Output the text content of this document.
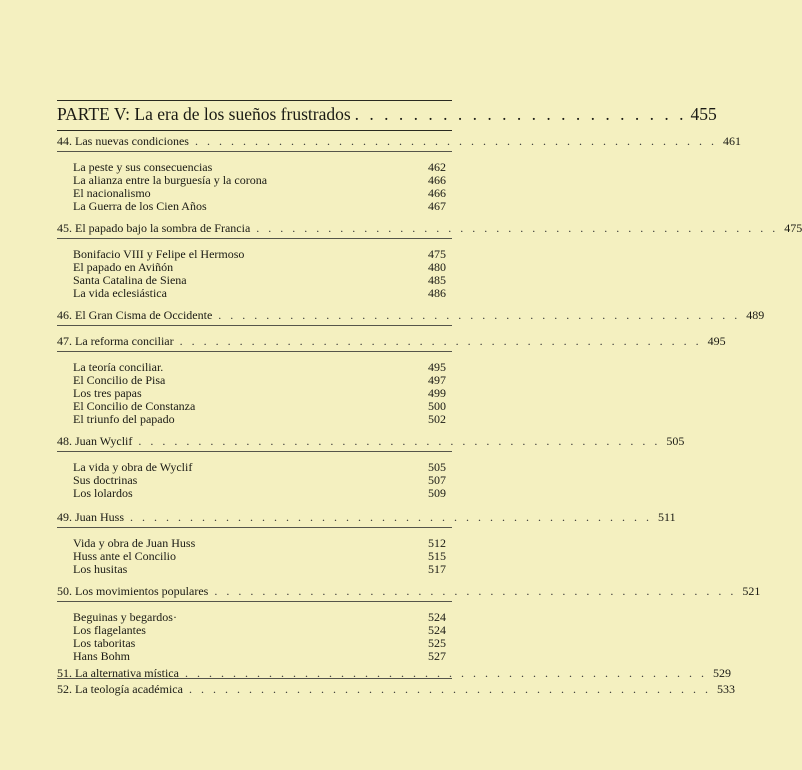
PARTE V: La era de los sueños frustrados . . . . . . . . . . . . . . . . . . . . . . . 455
44. Las nuevas condiciones . . . . . . . . . . . . . . . . . . . . . . . . . . . . . . . . . . . . . . . . . . . . 461
La peste y sus consecuencias	462
La alianza entre la burguesía y la corona	466
El nacionalismo	466
La Guerra de los Cien Años	467
45. El papado bajo la sombra de Francia . . . . . . . . . . . . . . . . . . . . . . . . . . . . . . . . . . . . . . . . . . . . 475
Bonifacio VIII y Felipe el Hermoso	475
El papado en Aviñón	480
Santa Catalina de Siena	485
La vida eclesiástica	486
46. El Gran Cisma de Occidente . . . . . . . . . . . . . . . . . . . . . . . . . . . . . . . . . . . . . . . . . . . . 489
47. La reforma conciliar . . . . . . . . . . . . . . . . . . . . . . . . . . . . . . . . . . . . . . . . . . . . 495
La teoría conciliar.	495
El Concilio de Pisa	497
Los tres papas	499
El Concilio de Constanza	500
El triunfo del papado	502
48. Juan Wyclif . . . . . . . . . . . . . . . . . . . . . . . . . . . . . . . . . . . . . . . . . . . . 505
La vida y obra de Wyclif	505
Sus doctrinas	507
Los lolardos	509
49. Juan Huss . . . . . . . . . . . . . . . . . . . . . . . . . . . . . . . . . . . . . . . . . . . . 511
Vida y obra de Juan Huss	512
Huss ante el Concilio	515
Los husitas	517
50. Los movimientos populares . . . . . . . . . . . . . . . . . . . . . . . . . . . . . . . . . . . . . . . . . . . . 521
Beguinas y begardos·	524
Los flagelantes	524
Los taboritas	525
Hans Bohm	527
51. La alternativa mística . . . . . . . . . . . . . . . . . . . . . . . . . . . . . . . . . . . . . . . . . . . . 529
52. La teología académica . . . . . . . . . . . . . . . . . . . . . . . . . . . . . . . . . . . . . . . . . . . . 533
